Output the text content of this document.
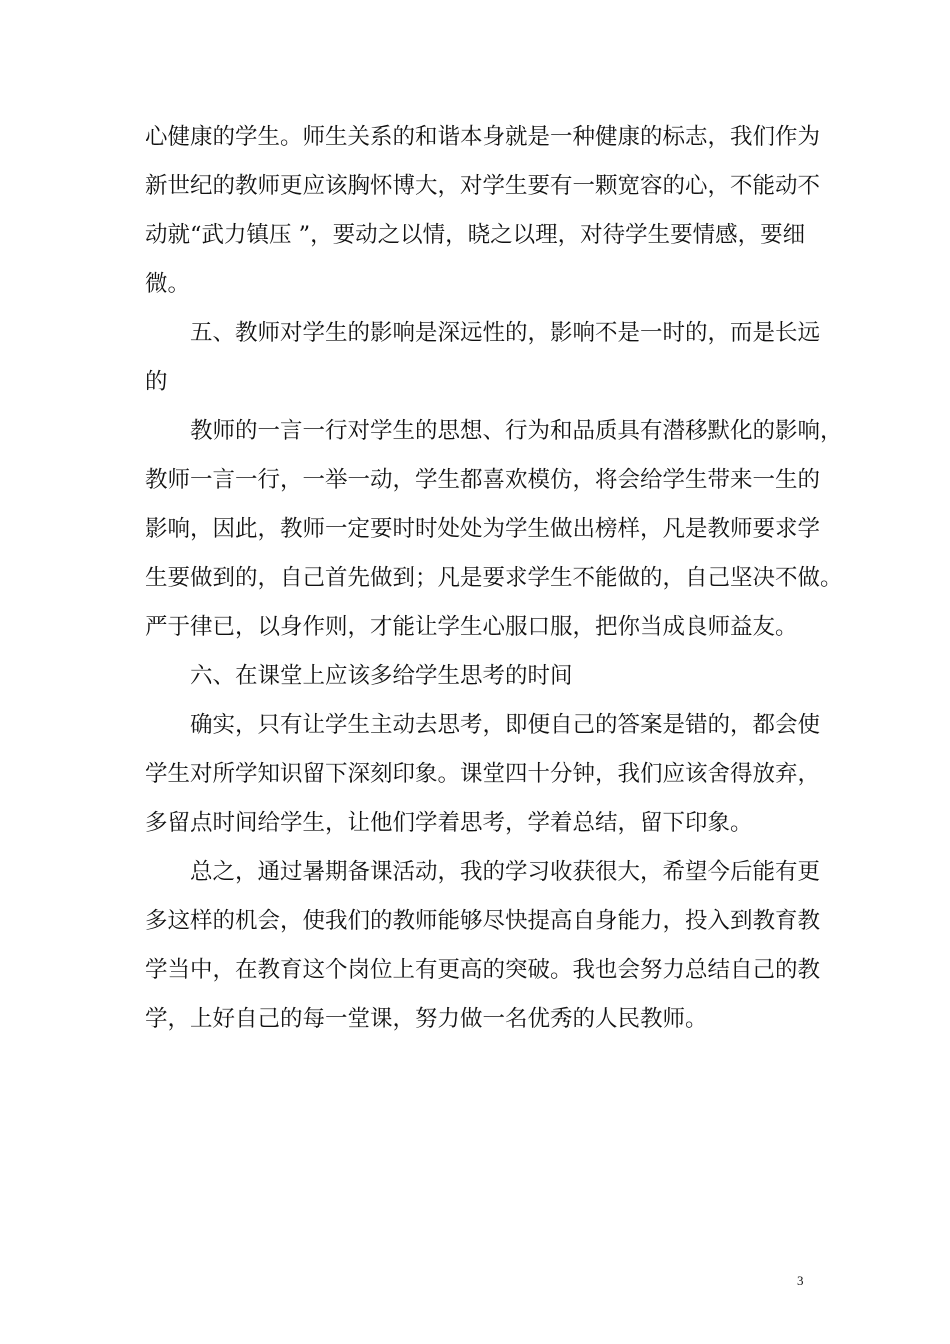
心健康的学生。师生关系的和谐本身就是一种健康的标志，我们作为
新世纪的教师更应该胸怀博大，对学生要有一颗宽容的心，不能动不
动就“武力镇压 ”，要动之以情，晓之以理，对待学生要情感，要细
微。
五、教师对学生的影响是深远性的，影响不是一时的，而是长远
的
教师的一言一行对学生的思想、行为和品质具有潜移默化的影响，
教师一言一行，一举一动，学生都喜欢模仿，将会给学生带来一生的
影响，因此，教师一定要时时处处为学生做出榜样，凡是教师要求学
生要做到的，自己首先做到；凡是要求学生不能做的，自己坚决不做。
严于律已，以身作则，才能让学生心服口服，把你当成良师益友。
六、在课堂上应该多给学生思考的时间
确实，只有让学生主动去思考，即便自己的答案是错的，都会使
学生对所学知识留下深刻印象。课堂四十分钟，我们应该舍得放弃，
多留点时间给学生，让他们学着思考，学着总结，留下印象。
总之，通过暑期备课活动，我的学习收获很大，希望今后能有更
多这样的机会，使我们的教师能够尽快提高自身能力，投入到教育教
学当中，在教育这个岗位上有更高的突破。我也会努力总结自己的教
学，上好自己的每一堂课，努力做一名优秀的人民教师。
3
